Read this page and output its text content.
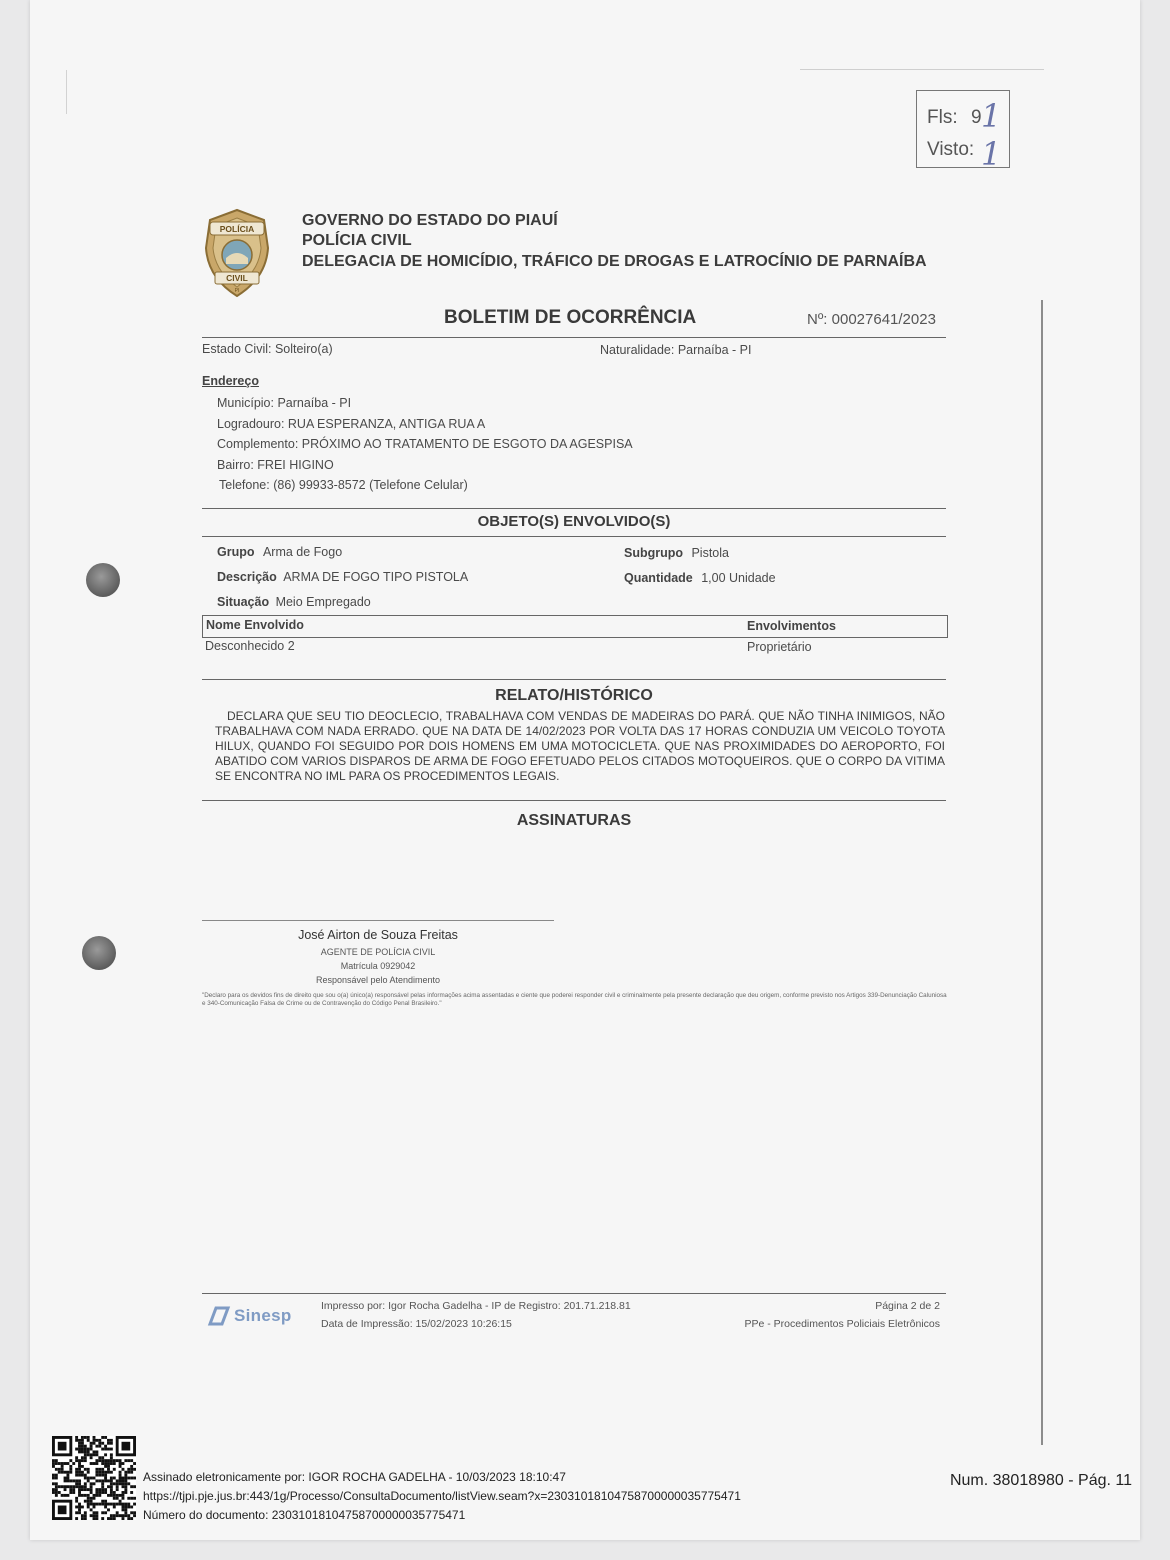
Fls: 9 1 1
Visto:
POLÍCIA
CIVIL
PI
GOVERNO DO ESTADO DO PIAUÍ
POLÍCIA CIVIL
DELEGACIA DE HOMICÍDIO, TRÁFICO DE DROGAS E LATROCÍNIO DE PARNAÍBA
BOLETIM DE OCORRÊNCIA	Nº: 00027641/2023
Estado Civil: Solteiro(a)	Naturalidade: Parnaíba - PI
Endereço
Município: Parnaíba - PI
Logradouro: RUA ESPERANZA, ANTIGA RUA A
Complemento: PRÓXIMO AO TRATAMENTO DE ESGOTO DA AGESPISA
Bairro: FREI HIGINO
Telefone: (86) 99933-8572 (Telefone Celular)
OBJETO(S) ENVOLVIDO(S)
Grupo Arma de Fogo	Subgrupo Pistola
Descrição ARMA DE FOGO TIPO PISTOLA	Quantidade 1,00 Unidade
Situação Meio Empregado
Nome Envolvido	Envolvimentos
Desconhecido 2	Proprietário
RELATO/HISTÓRICO
DECLARA QUE SEU TIO DEOCLECIO, TRABALHAVA COM VENDAS DE MADEIRAS DO PARÁ. QUE NÃO TINHA INIMIGOS, NÃO TRABALHAVA COM NADA ERRADO. QUE NA DATA DE 14/02/2023 POR VOLTA DAS 17 HORAS CONDUZIA UM VEICOLO TOYOTA HILUX, QUANDO FOI SEGUIDO POR DOIS HOMENS EM UMA MOTOCICLETA. QUE NAS PROXIMIDADES DO AEROPORTO, FOI ABATIDO COM VARIOS DISPAROS DE ARMA DE FOGO EFETUADO PELOS CITADOS MOTOQUEIROS. QUE O CORPO DA VITIMA SE ENCONTRA NO IML PARA OS PROCEDIMENTOS LEGAIS.
ASSINATURAS
José Airton de Souza Freitas
AGENTE DE POLÍCIA CIVIL
Matrícula 0929042
Responsável pelo Atendimento
"Declaro para os devidos fins de direito que sou o(a) único(a) responsável pelas informações acima assentadas e ciente que poderei responder civil e criminalmente pela presente declaração que deu origem, conforme previsto nos Artigos 339-Denunciação Caluniosa e 340-Comunicação Falsa de Crime ou de Contravenção do Código Penal Brasileiro."
Sinesp	Impresso por: Igor Rocha Gadelha - IP de Registro: 201.71.218.81
Data de Impressão: 15/02/2023 10:26:15
Página 2 de 2
PPe - Procedimentos Policiais Eletrônicos
Assinado eletronicamente por: IGOR ROCHA GADELHA - 10/03/2023 18:10:47
https://tjpi.pje.jus.br:443/1g/Processo/ConsultaDocumento/listView.seam?x=23031018104758700000035775471
Número do documento: 23031018104758700000035775471
Num. 38018980 - Pág. 11
